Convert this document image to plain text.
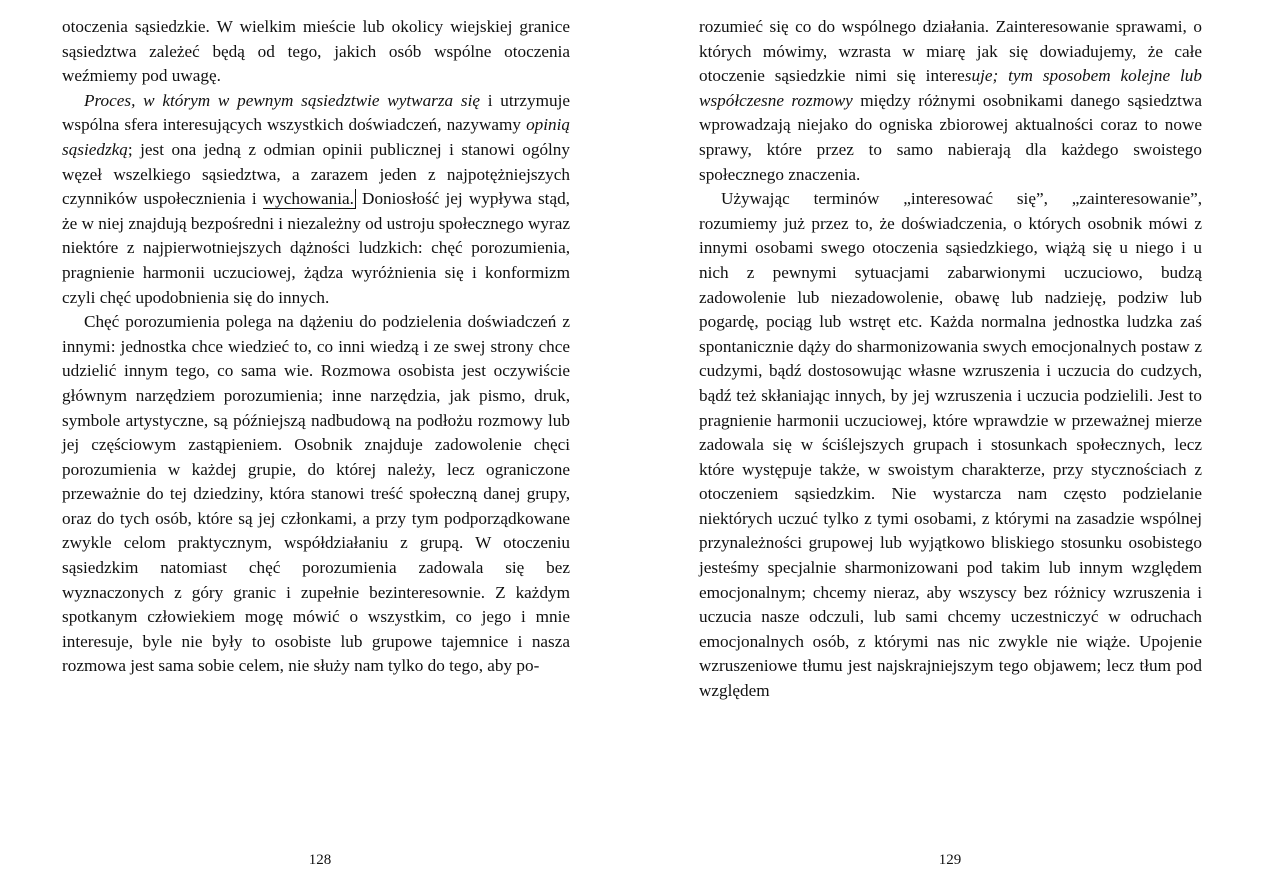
otoczenia sąsiedzkie. W wielkim mieście lub okolicy wiejskiej granice sąsiedztwa zależeć będą od tego, jakich osób wspólne otoczenia weźmiemy pod uwagę.

Proces, w którym w pewnym sąsiedztwie wytwarza się i utrzymuje wspólna sfera interesujących wszystkich doświadczeń, nazywamy opinią sąsiedzką; jest ona jedną z odmian opinii publicznej i stanowi ogólny węzeł wszelkiego sąsiedztwa, a zarazem jeden z najpotężniejszych czynników uspołecznienia i wychowania. Doniosłość jej wypływa stąd, że w niej znajdują bezpośredni i niezależny od ustroju społecznego wyraz niektóre z najpierwotniejszych dążności ludzkich: chęć porozumienia, pragnienie harmonii uczuciowej, żądza wyróżnienia się i konformizm czyli chęć upodobnienia się do innych.

Chęć porozumienia polega na dążeniu do podzielenia doświadczeń z innymi: jednostka chce wiedzieć to, co inni wiedzą i ze swej strony chce udzielić innym tego, co sama wie. Rozmowa osobista jest oczywiście głównym narzędziem porozumienia; inne narzędzia, jak pismo, druk, symbole artystyczne, są późniejszą nadbudową na podłożu rozmowy lub jej częściowym zastąpieniem. Osobnik znajduje zadowolenie chęci porozumienia w każdej grupie, do której należy, lecz ograniczone przeważnie do tej dziedziny, która stanowi treść społeczną danej grupy, oraz do tych osób, które są jej członkami, a przy tym podporządkowane zwykle celom praktycznym, współdziałaniu z grupą. W otoczeniu sąsiedzkim natomiast chęć porozumienia zadowala się bez wyznaczonych z góry granic i zupełnie bezinteresownie. Z każdym spotkanym człowiekiem mogę mówić o wszystkim, co jego i mnie interesuje, byle nie były to osobiste lub grupowe tajemnice i nasza rozmowa jest sama sobie celem, nie służy nam tylko do tego, aby po-

128

rozumieć się co do wspólnego działania. Zainteresowanie sprawami, o których mówimy, wzrasta w miarę jak się dowiadujemy, że całe otoczenie sąsiedzkie nimi się interesuje; tym sposobem kolejne lub współczesne rozmowy między różnymi osobnikami danego sąsiedztwa wprowadzają niejako do ogniska zbiorowej aktualności coraz to nowe sprawy, które przez to samo nabierają dla każdego swoistego społecznego znaczenia.

Używając terminów „interesować się”, „zainteresowanie”, rozumiemy już przez to, że doświadczenia, o których osobnik mówi z innymi osobami swego otoczenia sąsiedzkiego, wiążą się u niego i u nich z pewnymi sytuacjami zabarwionymi uczuciowo, budzą zadowolenie lub niezadowolenie, obawę lub nadzieję, podziw lub pogardę, pociąg lub wstręt etc. Każda normalna jednostka ludzka zaś spontanicznie dąży do sharmonizowania swych emocjonalnych postaw z cudzymi, bądź dostosowując własne wzruszenia i uczucia do cudzych, bądź też skłaniając innych, by jej wzruszenia i uczucia podzielili. Jest to pragnienie harmonii uczuciowej, które wprawdzie w przeważnej mierze zadowala się w ściślejszych grupach i stosunkach społecznych, lecz które występuje także, w swoistym charakterze, przy stycznościach z otoczeniem sąsiedzkim. Nie wystarcza nam często podzielanie niektórych uczuć tylko z tymi osobami, z którymi na zasadzie wspólnej przynależności grupowej lub wyjątkowo bliskiego stosunku osobistego jesteśmy specjalnie sharmonizowani pod takim lub innym względem emocjonalnym; chcemy nieraz, aby wszyscy bez różnicy wzruszenia i uczucia nasze odczuli, lub sami chcemy uczestniczyć w odruchach emocjonalnych osób, z którymi nas nic zwykle nie wiąże. Upojenie wzruszeniowe tłumu jest najskrajniejszym tego objawem; lecz tłum pod względem

129
